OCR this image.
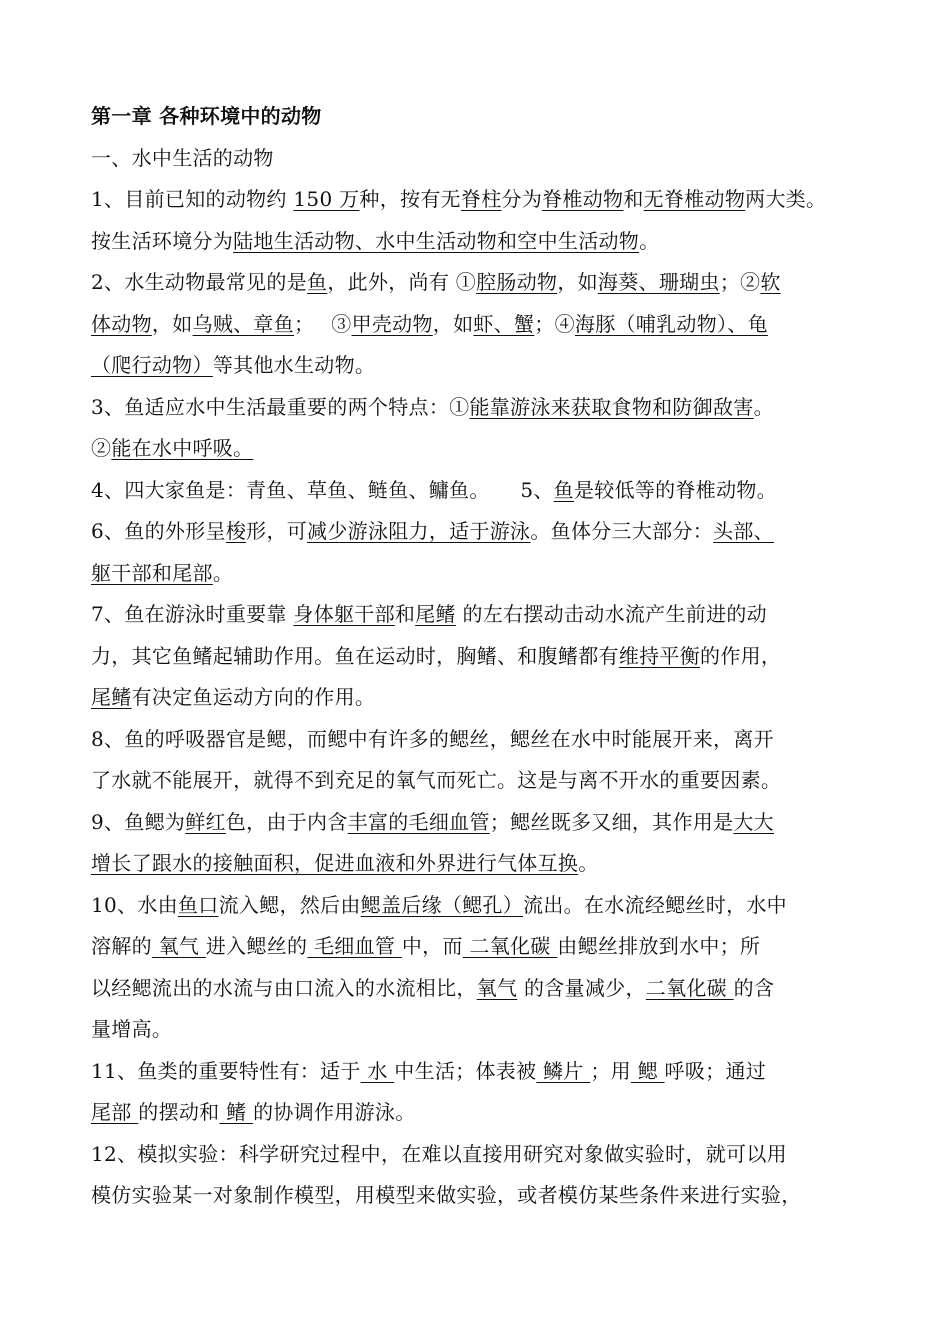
第一章 各种环境中的动物
一、水中生活的动物
1、目前已知的动物约 150 万种，按有无脊柱分为脊椎动物和无脊椎动物两大类。
按生活环境分为陆地生活动物、水中生活动物和空中生活动物。
2、水生动物最常见的是鱼，此外，尚有 ①腔肠动物，如海葵、珊瑚虫；②软
体动物，如乌贼、章鱼；　 ③甲壳动物，如虾、蟹；④海豚（哺乳动物）、龟
（爬行动物）等其他水生动物。
3、鱼适应水中生活最重要的两个特点：①能靠游泳来获取食物和防御敌害。
②能在水中呼吸。
4、四大家鱼是：青鱼、草鱼、鲢鱼、鳙鱼。　　5、鱼是较低等的脊椎动物。
6、鱼的外形呈梭形，可减少游泳阻力，适于游泳。鱼体分三大部分：头部、
躯干部和尾部。
7、鱼在游泳时重要靠 身体躯干部和尾鳍 的左右摆动击动水流产生前进的动
力，其它鱼鳍起辅助作用。鱼在运动时，胸鳍、和腹鳍都有维持平衡的作用，
尾鳍有决定鱼运动方向的作用。
8、鱼的呼吸器官是鳃，而鳃中有许多的鳃丝，鳃丝在水中时能展开来，离开
了水就不能展开，就得不到充足的氧气而死亡。这是与离不开水的重要因素。
9、鱼鳃为鲜红色，由于内含丰富的毛细血管；鳃丝既多又细，其作用是大大
增长了跟水的接触面积，促进血液和外界进行气体互换。
10、水由鱼口流入鳃，然后由鳃盖后缘（鳃孔）流出。在水流经鳃丝时，水中
溶解的 氧气 进入鳃丝的 毛细血管 中，而 二氧化碳 由鳃丝排放到水中；所
以经鳃流出的水流与由口流入的水流相比，氧气 的含量减少，二氧化碳 的含
量增高。
11、鱼类的重要特性有：适于 水 中生活；体表被 鳞片 ；用 鳃 呼吸；通过
尾部 的摆动和 鳍 的协调作用游泳。
12、模拟实验：科学研究过程中，在难以直接用研究对象做实验时，就可以用
模仿实验某一对象制作模型，用模型来做实验，或者模仿某些条件来进行实验，
